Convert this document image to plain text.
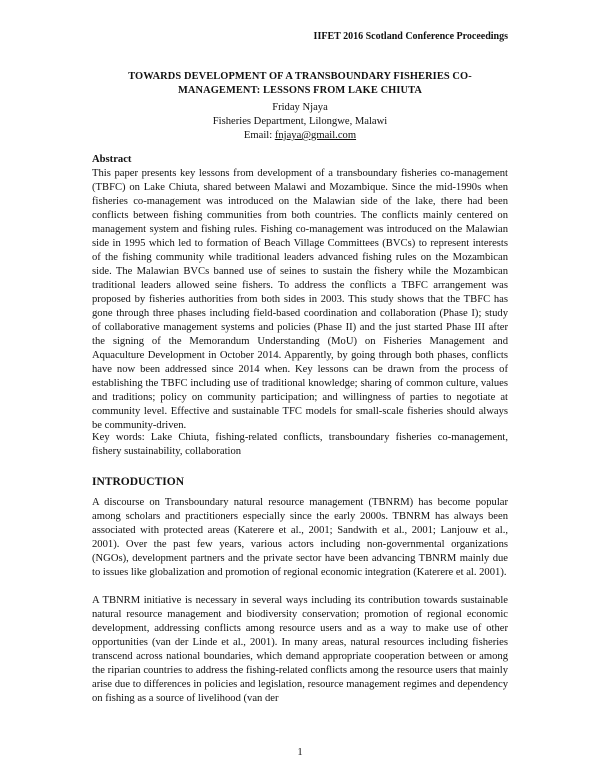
IIFET 2016 Scotland Conference Proceedings
TOWARDS DEVELOPMENT OF A TRANSBOUNDARY FISHERIES CO-
MANAGEMENT: LESSONS FROM LAKE CHIUTA
Friday Njaya
Fisheries Department, Lilongwe, Malawi
Email: fnjaya@gmail.com
Abstract
This paper presents key lessons from development of a transboundary fisheries co-management (TBFC) on Lake Chiuta, shared between Malawi and Mozambique. Since the mid-1990s when fisheries co-management was introduced on the Malawian side of the lake, there had been conflicts between fishing communities from both countries. The conflicts mainly centered on management system and fishing rules. Fishing co-management was introduced on the Malawian side in 1995 which led to formation of Beach Village Committees (BVCs) to represent interests of the fishing community while traditional leaders advanced fishing rules on the Mozambican side. The Malawian BVCs banned use of seines to sustain the fishery while the Mozambican traditional leaders allowed seine fishers. To address the conflicts a TBFC arrangement was proposed by fisheries authorities from both sides in 2003. This study shows that the TBFC has gone through three phases including field-based coordination and collaboration (Phase I); study of collaborative management systems and policies (Phase II) and the just started Phase III after the signing of the Memorandum Understanding (MoU) on Fisheries Management and Aquaculture Development in October 2014. Apparently, by going through both phases, conflicts have now been addressed since 2014 when. Key lessons can be drawn from the process of establishing the TBFC including use of traditional knowledge; sharing of common culture, values and traditions; policy on community participation; and willingness of parties to negotiate at community level. Effective and sustainable TFC models for small-scale fisheries should always be community-driven.
Key words: Lake Chiuta, fishing-related conflicts, transboundary fisheries co-management, fishery sustainability, collaboration
INTRODUCTION
A discourse on Transboundary natural resource management (TBNRM) has become popular among scholars and practitioners especially since the early 2000s. TBNRM has always been associated with protected areas (Katerere et al., 2001; Sandwith et al., 2001; Lanjouw et al., 2001). Over the past few years, various actors including non-governmental organizations (NGOs), development partners and the private sector have been advancing TBNRM mainly due to issues like globalization and promotion of regional economic integration (Katerere et al. 2001).
A TBNRM initiative is necessary in several ways including its contribution towards sustainable natural resource management and biodiversity conservation; promotion of regional economic development, addressing conflicts among resource users and as a way to make use of other opportunities (van der Linde et al., 2001). In many areas, natural resources including fisheries transcend across national boundaries, which demand appropriate cooperation between or among the riparian countries to address the fishing-related conflicts among the resource users that mainly arise due to differences in policies and legislation, resource management regimes and dependency on fishing as a source of livelihood (van der
1
